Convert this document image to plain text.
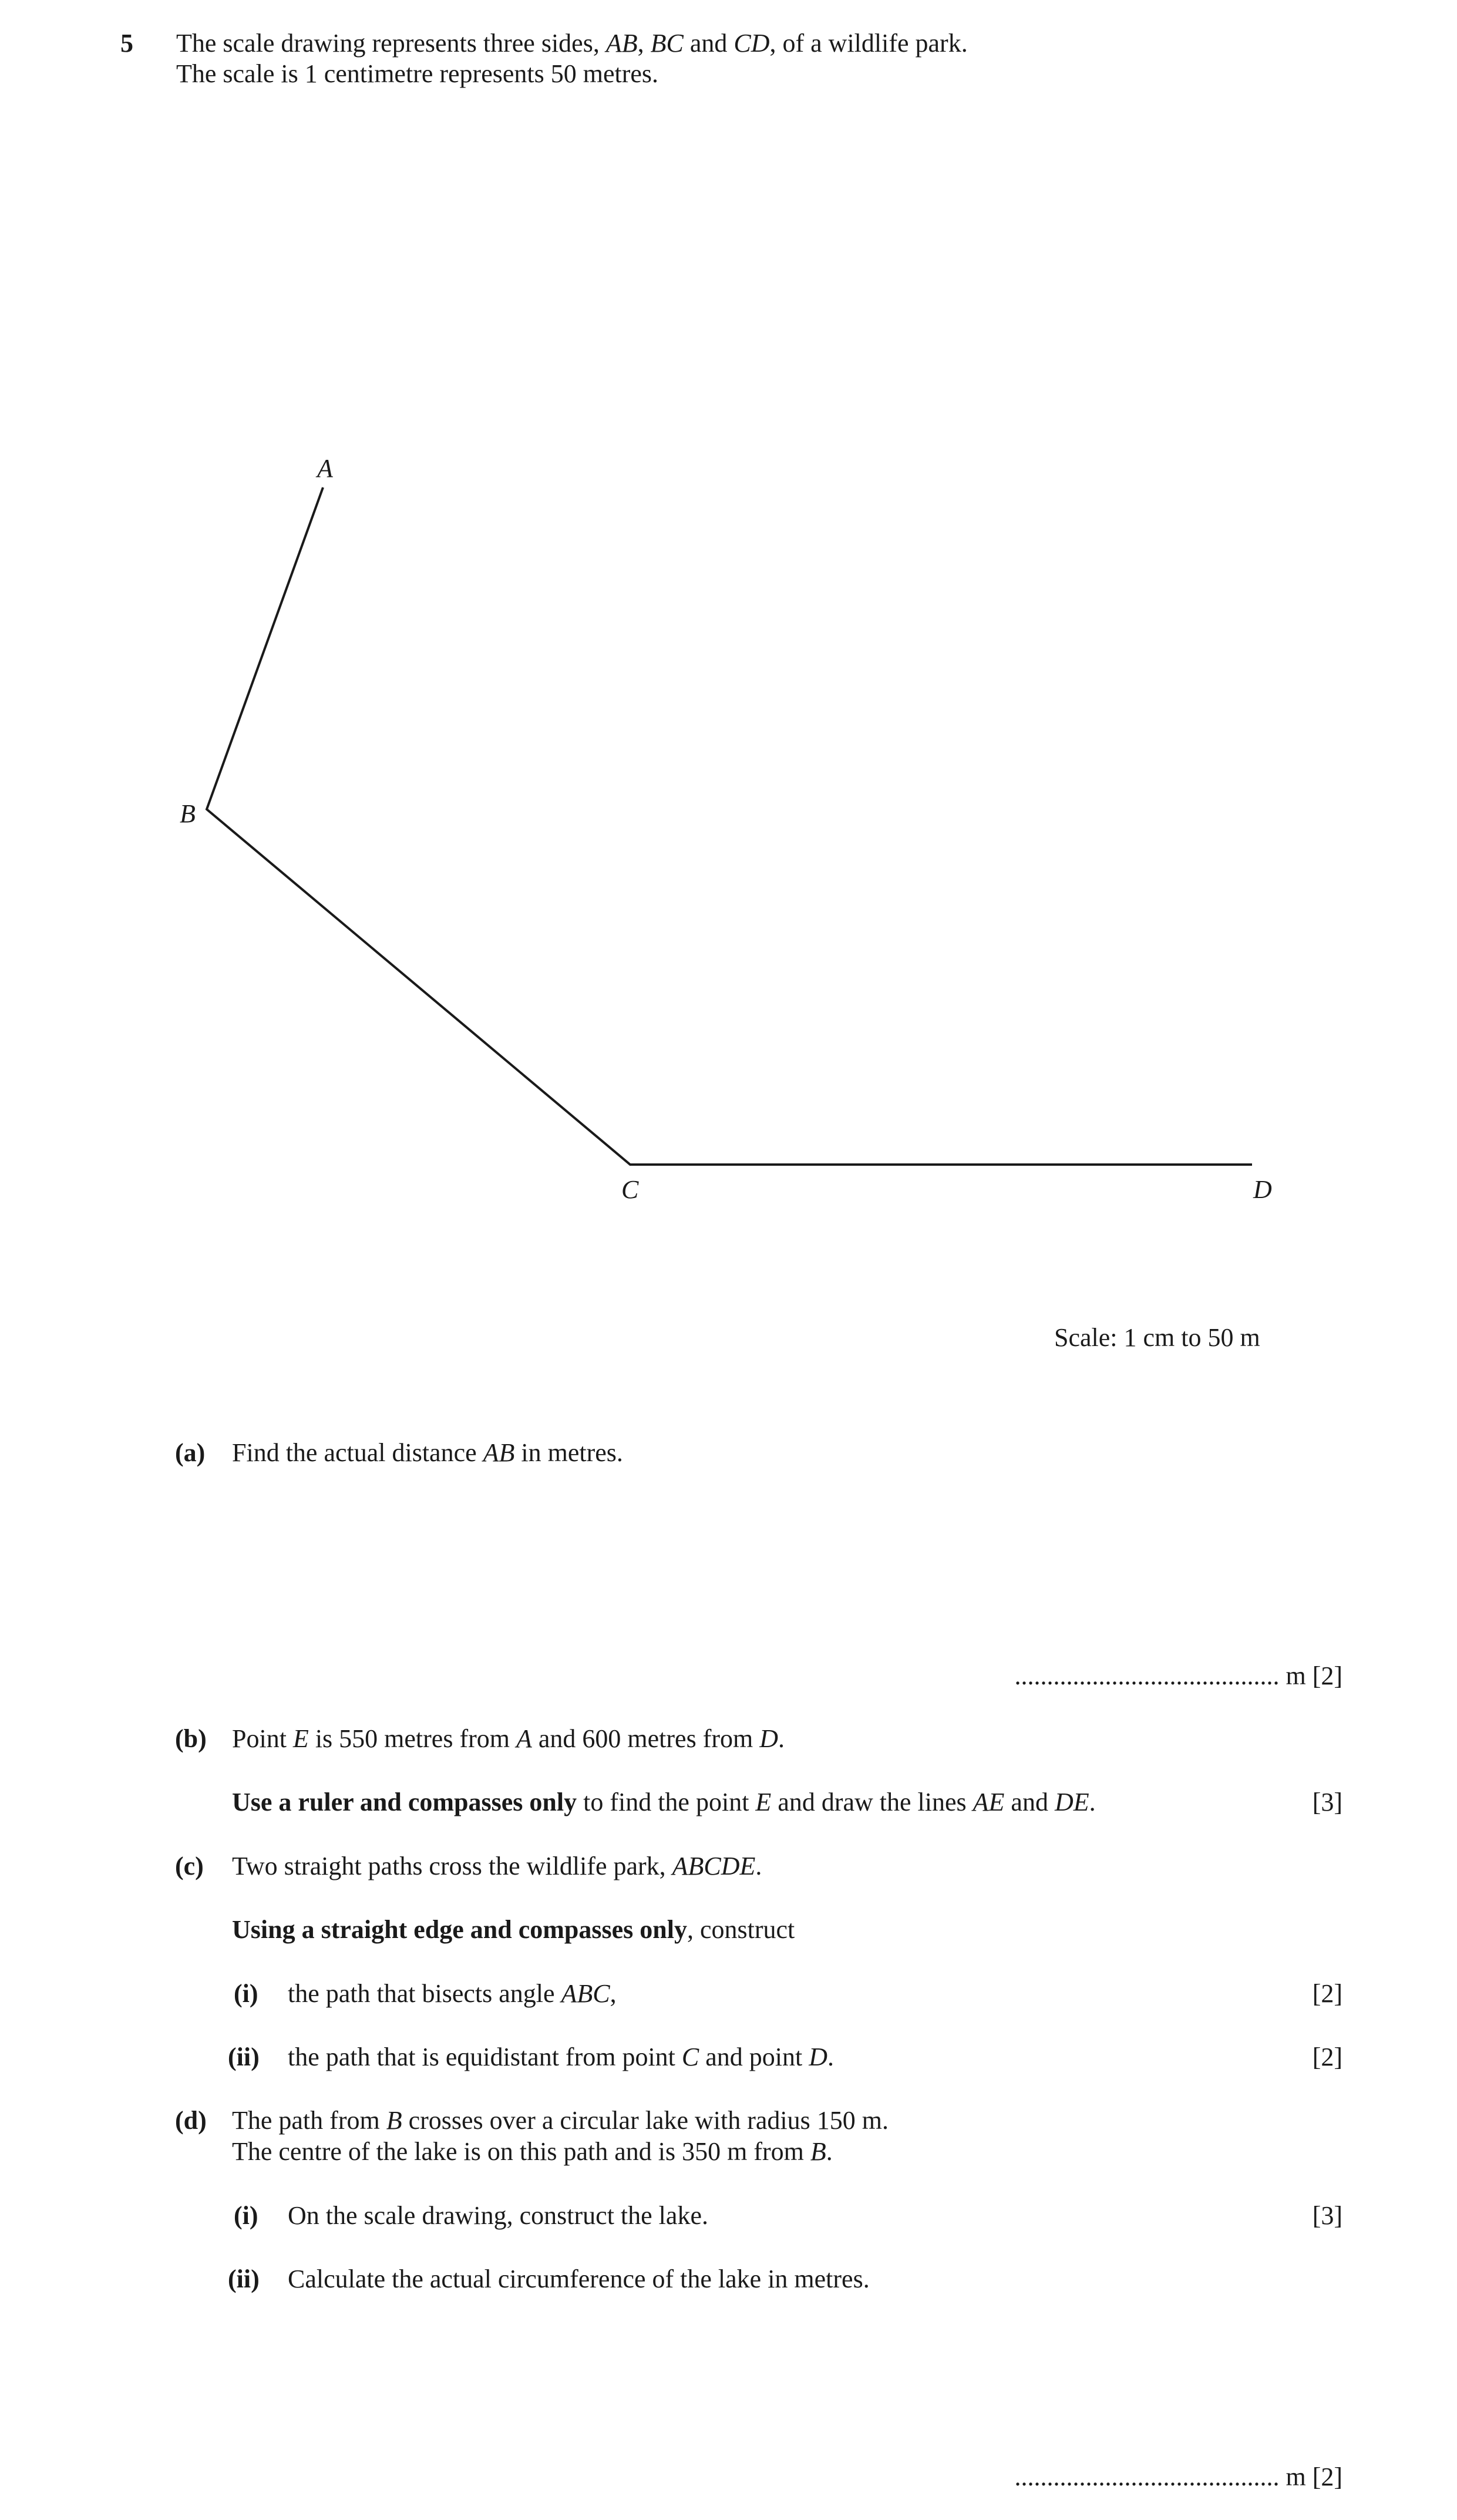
5 The scale drawing represents three sides, AB, BC and CD, of a wildlife park.
The scale is 1 centimetre represents 50 metres.
A
B
C	D
Scale: 1 cm to 50 m
(a) Find the actual distance AB in metres.
......................................... m [2]
(b) Point E is 550 metres from A and 600 metres from D.
Use a ruler and compasses only to find the point E and draw the lines AE and DE.	[3]
(c) Two straight paths cross the wildlife park, ABCDE.
Using a straight edge and compasses only, construct
(i) the path that bisects angle ABC,	[2]
(ii) the path that is equidistant from point C and point D.	[2]
(d) The path from B crosses over a circular lake with radius 150 m.
The centre of the lake is on this path and is 350 m from B.
(i) On the scale drawing, construct the lake.	[3]
(ii) Calculate the actual circumference of the lake in metres.
......................................... m [2]
